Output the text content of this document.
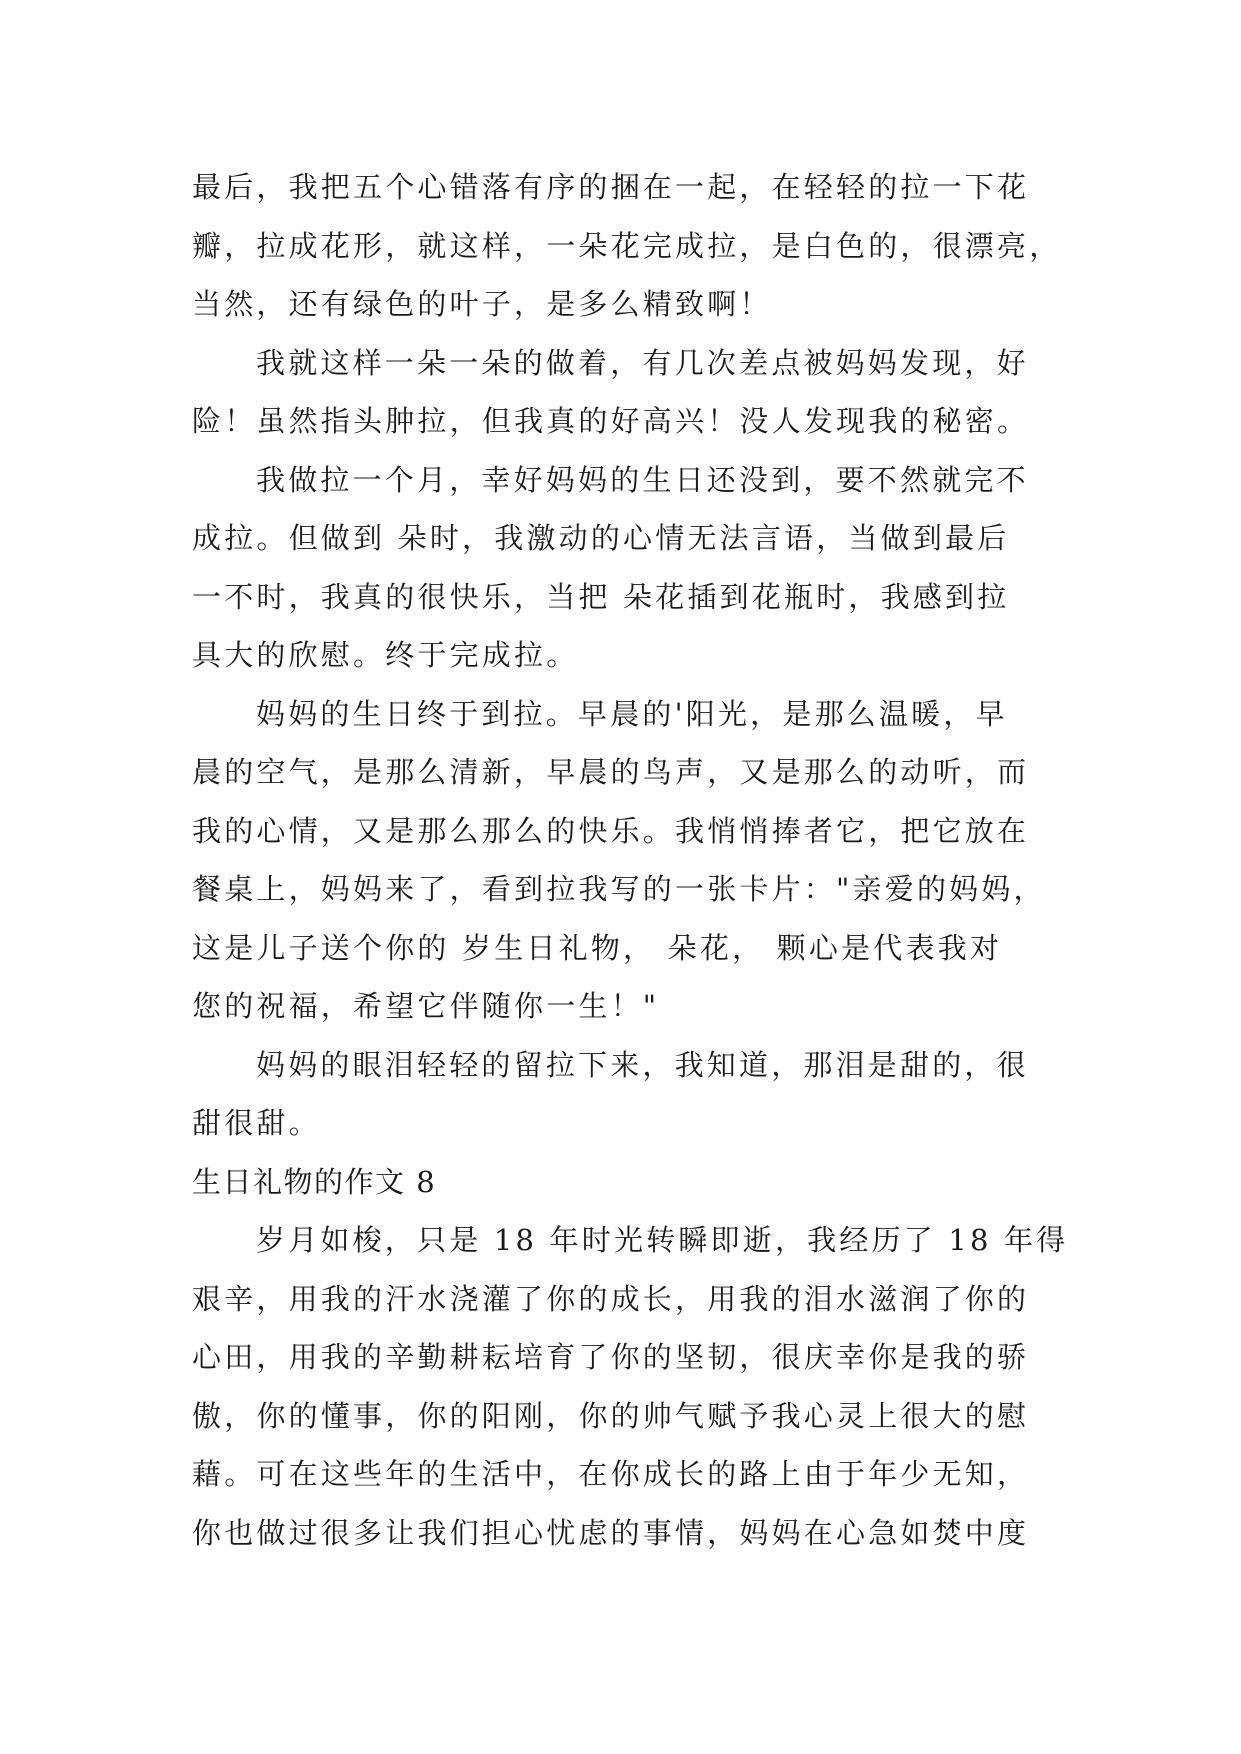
最后，我把五个心错落有序的捆在一起，在轻轻的拉一下花
瓣，拉成花形，就这样，一朵花完成拉，是白色的，很漂亮，
当然，还有绿色的叶子，是多么精致啊！
我就这样一朵一朵的做着，有几次差点被妈妈发现，好
险！虽然指头肿拉，但我真的好高兴！没人发现我的秘密。
我做拉一个月，幸好妈妈的生日还没到，要不然就完不
成拉。但做到 朵时，我激动的心情无法言语，当做到最后
一不时，我真的很快乐，当把 朵花插到花瓶时，我感到拉
具大的欣慰。终于完成拉。
妈妈的生日终于到拉。早晨的'阳光，是那么温暖，早
晨的空气，是那么清新，早晨的鸟声，又是那么的动听，而
我的心情，又是那么那么的快乐。我悄悄捧者它，把它放在
餐桌上，妈妈来了，看到拉我写的一张卡片："亲爱的妈妈，
这是儿子送个你的 岁生日礼物， 朵花， 颗心是代表我对
您的祝福，希望它伴随你一生！"
妈妈的眼泪轻轻的留拉下来，我知道，那泪是甜的，很
甜很甜。
生日礼物的作文 8
岁月如梭，只是 18 年时光转瞬即逝，我经历了 18 年得
艰辛，用我的汗水浇灌了你的成长，用我的泪水滋润了你的
心田，用我的辛勤耕耘培育了你的坚韧，很庆幸你是我的骄
傲，你的懂事，你的阳刚，你的帅气赋予我心灵上很大的慰
藉。可在这些年的生活中，在你成长的路上由于年少无知，
你也做过很多让我们担心忧虑的事情，妈妈在心急如焚中度
